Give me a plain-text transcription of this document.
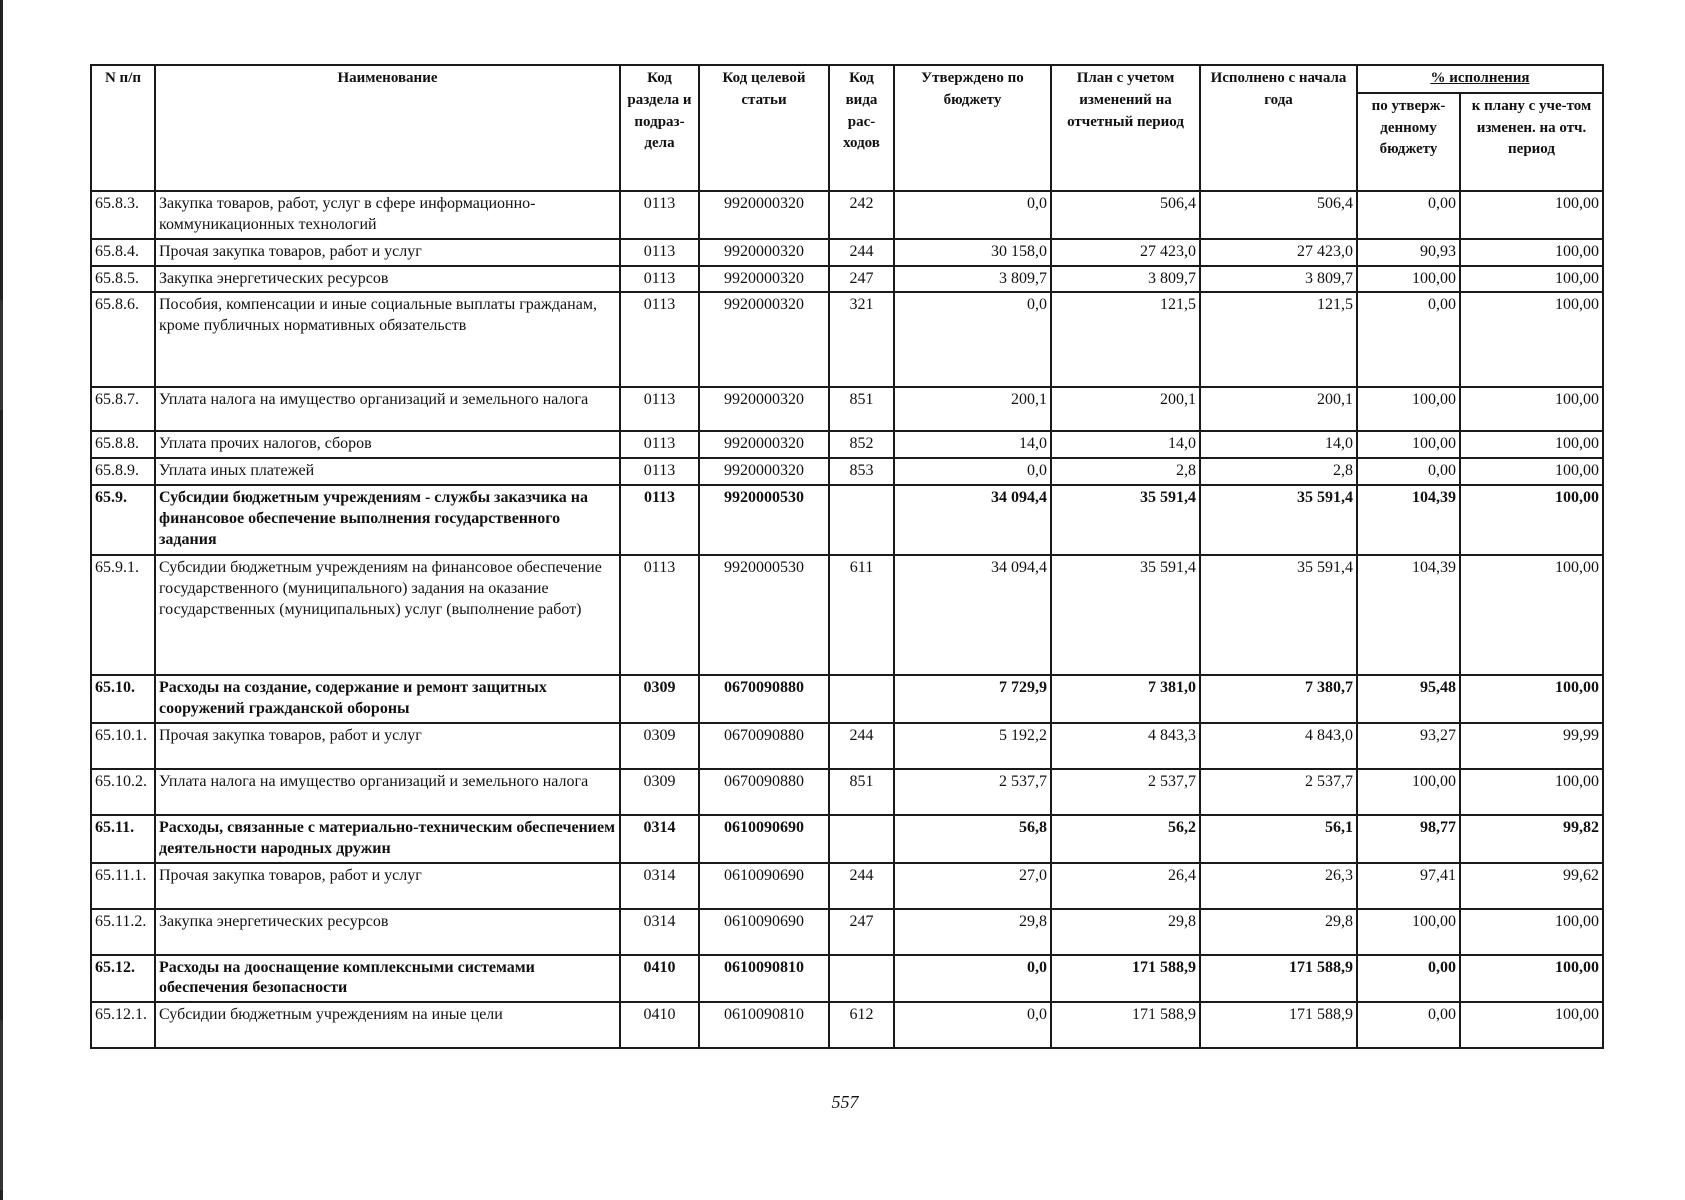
N п/п	Наименование	Код раздела и подраз-дела	Код целевой статьи	Код вида рас-ходов	Утверждено по бюджету	План с учетом изменений на отчетный период	Исполнено с начала года	% исполнения	
								по утверж-денному бюджету	к плану с уче-том изменен. на отч. период
65.8.3.	Закупка товаров, работ, услуг в сфере информационно-коммуникационных технологий	0113	9920000320	242	0,0	506,4	506,4	0,00	100,00
65.8.4.	Прочая закупка товаров, работ и услуг	0113	9920000320	244	30 158,0	27 423,0	27 423,0	90,93	100,00
65.8.5.	Закупка энергетических ресурсов	0113	9920000320	247	3 809,7	3 809,7	3 809,7	100,00	100,00
65.8.6.	Пособия, компенсации и иные социальные выплаты гражданам, кроме публичных нормативных обязательств	0113	9920000320	321	0,0	121,5	121,5	0,00	100,00
65.8.7.	Уплата налога на имущество организаций и земельного налога	0113	9920000320	851	200,1	200,1	200,1	100,00	100,00
65.8.8.	Уплата прочих налогов, сборов	0113	9920000320	852	14,0	14,0	14,0	100,00	100,00
65.8.9.	Уплата иных платежей	0113	9920000320	853	0,0	2,8	2,8	0,00	100,00
65.9.	Субсидии бюджетным учреждениям - службы заказчика на финансовое обеспечение выполнения государственного задания	0113	9920000530		34 094,4	35 591,4	35 591,4	104,39	100,00
65.9.1.	Субсидии бюджетным учреждениям на финансовое обеспечение государственного (муниципального) задания на оказание государственных (муниципальных) услуг (выполнение работ)	0113	9920000530	611	34 094,4	35 591,4	35 591,4	104,39	100,00
65.10.	Расходы на создание, содержание и ремонт защитных сооружений гражданской обороны	0309	0670090880		7 729,9	7 381,0	7 380,7	95,48	100,00
65.10.1.	Прочая закупка товаров, работ и услуг	0309	0670090880	244	5 192,2	4 843,3	4 843,0	93,27	99,99
65.10.2.	Уплата налога на имущество организаций и земельного налога	0309	0670090880	851	2 537,7	2 537,7	2 537,7	100,00	100,00
65.11.	Расходы, связанные с материально-техническим обеспечением деятельности народных дружин	0314	0610090690		56,8	56,2	56,1	98,77	99,82
65.11.1.	Прочая закупка товаров, работ и услуг	0314	0610090690	244	27,0	26,4	26,3	97,41	99,62
65.11.2.	Закупка энергетических ресурсов	0314	0610090690	247	29,8	29,8	29,8	100,00	100,00
65.12.	Расходы на дооснащение комплексными системами обеспечения безопасности	0410	0610090810		0,0	171 588,9	171 588,9	0,00	100,00
65.12.1.	Субсидии бюджетным учреждениям на иные цели	0410	0610090810	612	0,0	171 588,9	171 588,9	0,00	100,00
557
